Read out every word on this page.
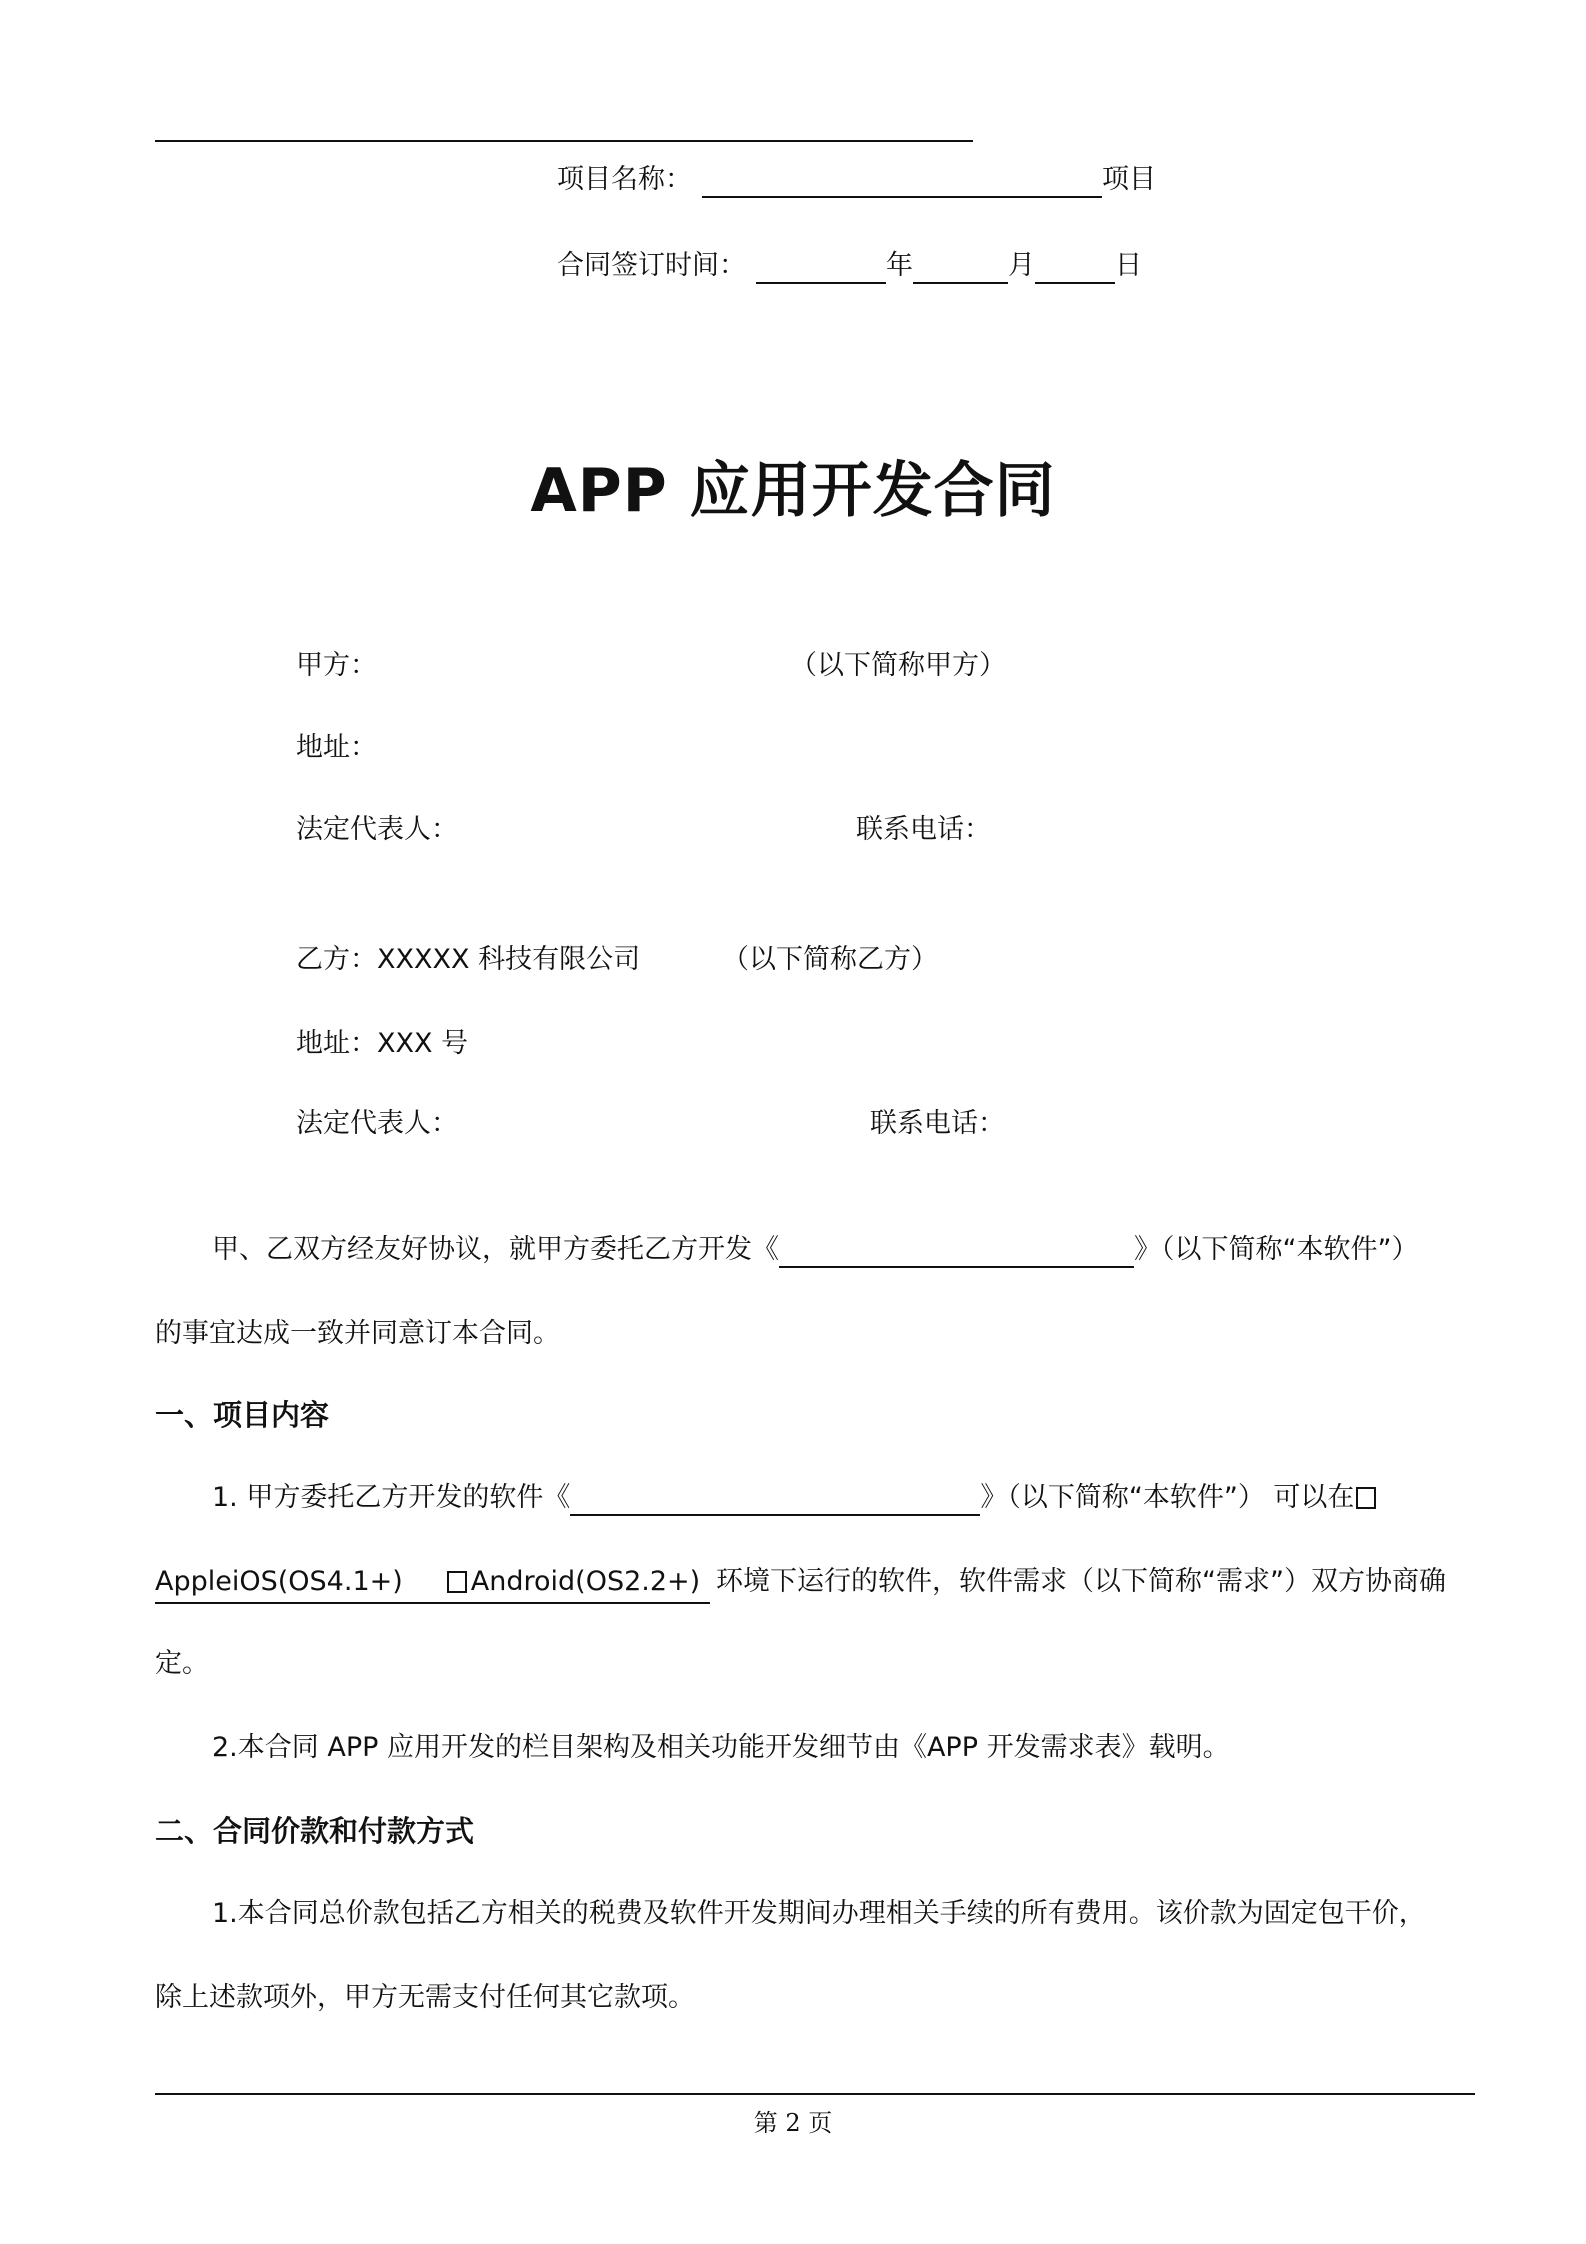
项目名称：	项目
合同签订时间：	年	月	日
APP 应用开发合同
甲方：	（以下简称甲方）
地址：
法定代表人：	联系电话：
乙方：XXXXX 科技有限公司	（以下简称乙方）
地址：XXX 号
法定代表人：	联系电话：
甲、乙双方经友好协议，就甲方委托乙方开发《	》（以下简称“本软件”）
的事宜达成一致并同意订本合同。
一、项目内容
1. 甲方委托乙方开发的软件《	》（以下简称“本软件”） 可以在
AppleiOS(OS4.1+)	Android(OS2.2+) 环境下运行的软件，软件需求（以下简称“需求”）双方协商确
定。
2.本合同 APP 应用开发的栏目架构及相关功能开发细节由《APP 开发需求表》载明。
二、合同价款和付款方式
1.本合同总价款包括乙方相关的税费及软件开发期间办理相关手续的所有费用。该价款为固定包干价，
除上述款项外，甲方无需支付任何其它款项。
第 2 页
